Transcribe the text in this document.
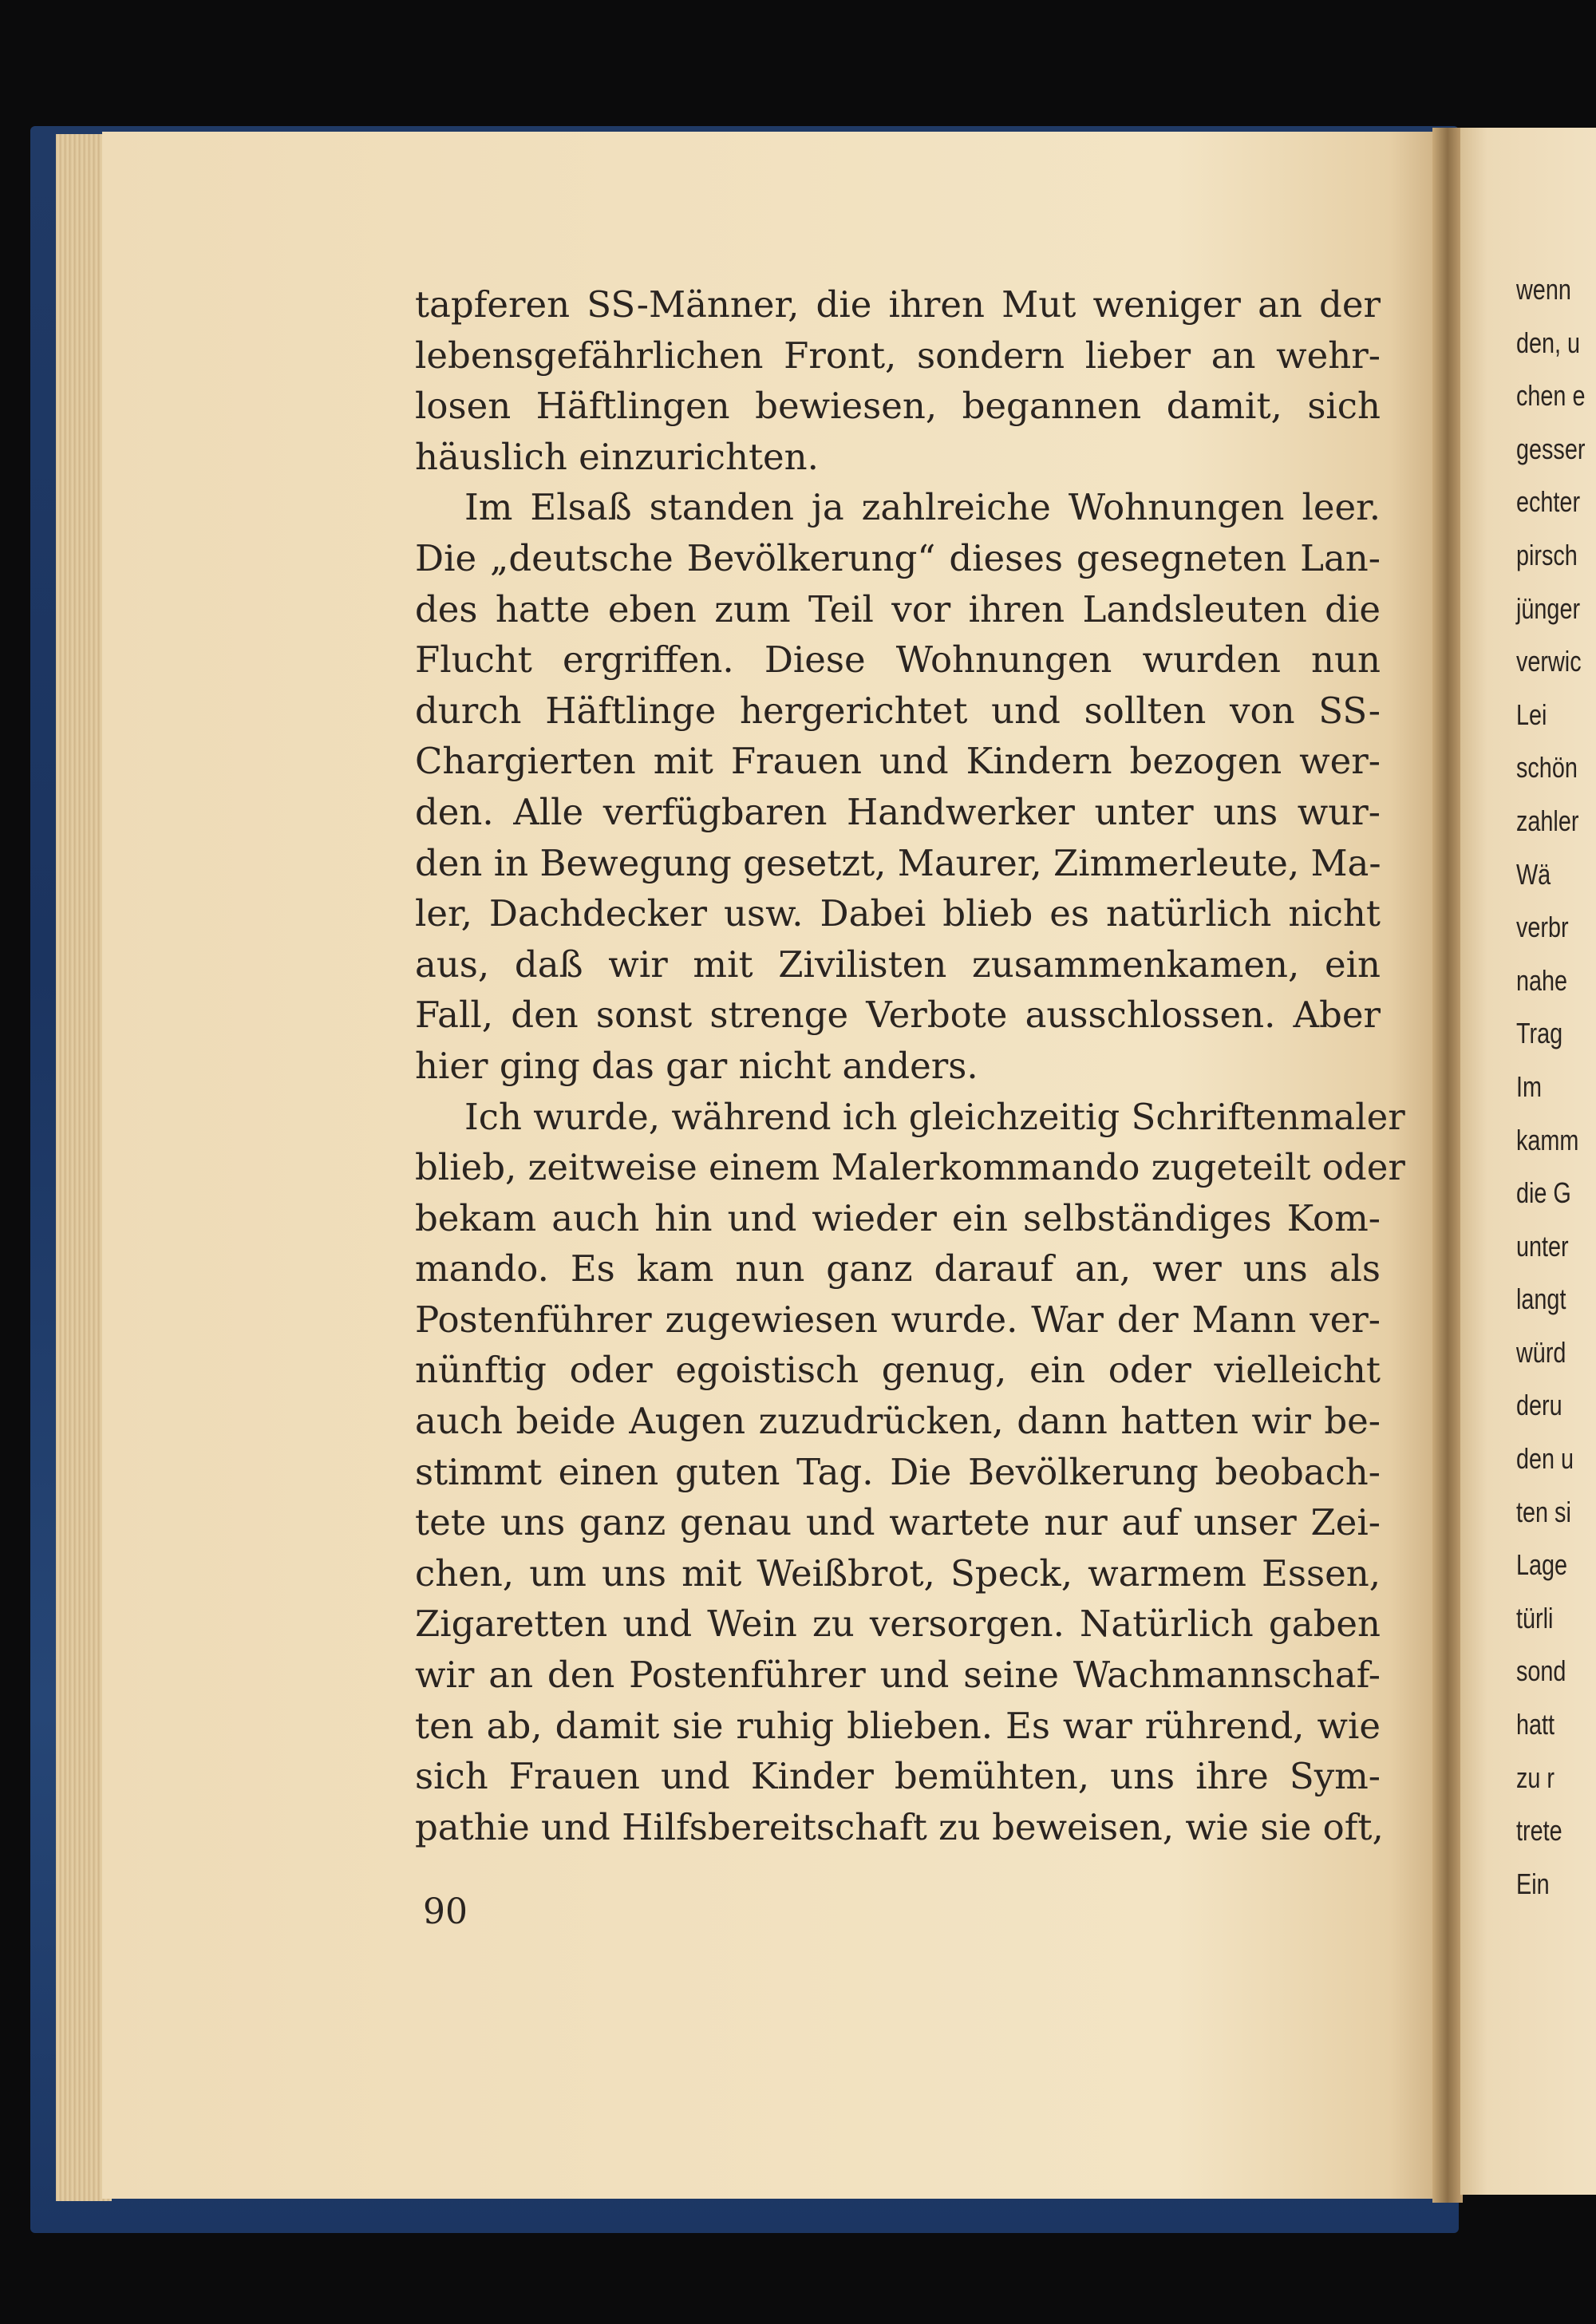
tapferen SS-Männer, die ihren Mut weniger an der
lebensgefährlichen Front, sondern lieber an wehr-
losen Häftlingen bewiesen, begannen damit, sich
häuslich einzurichten.
Im Elsaß standen ja zahlreiche Wohnungen leer.
Die „deutsche Bevölkerung“ dieses gesegneten Lan-
des hatte eben zum Teil vor ihren Landsleuten die
Flucht ergriffen. Diese Wohnungen wurden nun
durch Häftlinge hergerichtet und sollten von SS-
Chargierten mit Frauen und Kindern bezogen wer-
den. Alle verfügbaren Handwerker unter uns wur-
den in Bewegung gesetzt, Maurer, Zimmerleute, Ma-
ler, Dachdecker usw. Dabei blieb es natürlich nicht
aus, daß wir mit Zivilisten zusammenkamen, ein
Fall, den sonst strenge Verbote ausschlossen. Aber
hier ging das gar nicht anders.
Ich wurde, während ich gleichzeitig Schriftenmaler
blieb, zeitweise einem Malerkommando zugeteilt oder
bekam auch hin und wieder ein selbständiges Kom-
mando. Es kam nun ganz darauf an, wer uns als
Postenführer zugewiesen wurde. War der Mann ver-
nünftig oder egoistisch genug, ein oder vielleicht
auch beide Augen zuzudrücken, dann hatten wir be-
stimmt einen guten Tag. Die Bevölkerung beobach-
tete uns ganz genau und wartete nur auf unser Zei-
chen, um uns mit Weißbrot, Speck, warmem Essen,
Zigaretten und Wein zu versorgen. Natürlich gaben
wir an den Postenführer und seine Wachmannschaf-
ten ab, damit sie ruhig blieben. Es war rührend, wie
sich Frauen und Kinder bemühten, uns ihre Sym-
pathie und Hilfsbereitschaft zu beweisen, wie sie oft,
90
wenn
den, u
chen e
gesser
echter
pirsch
jünger
verwic
Lei
schön
zahler
Wä
verbr
nahe
Trag
Im
kamm
die G
unter
langt
würd
deru
den u
ten si
Lage
türli
sond
hatt
zu r
trete
Ein
